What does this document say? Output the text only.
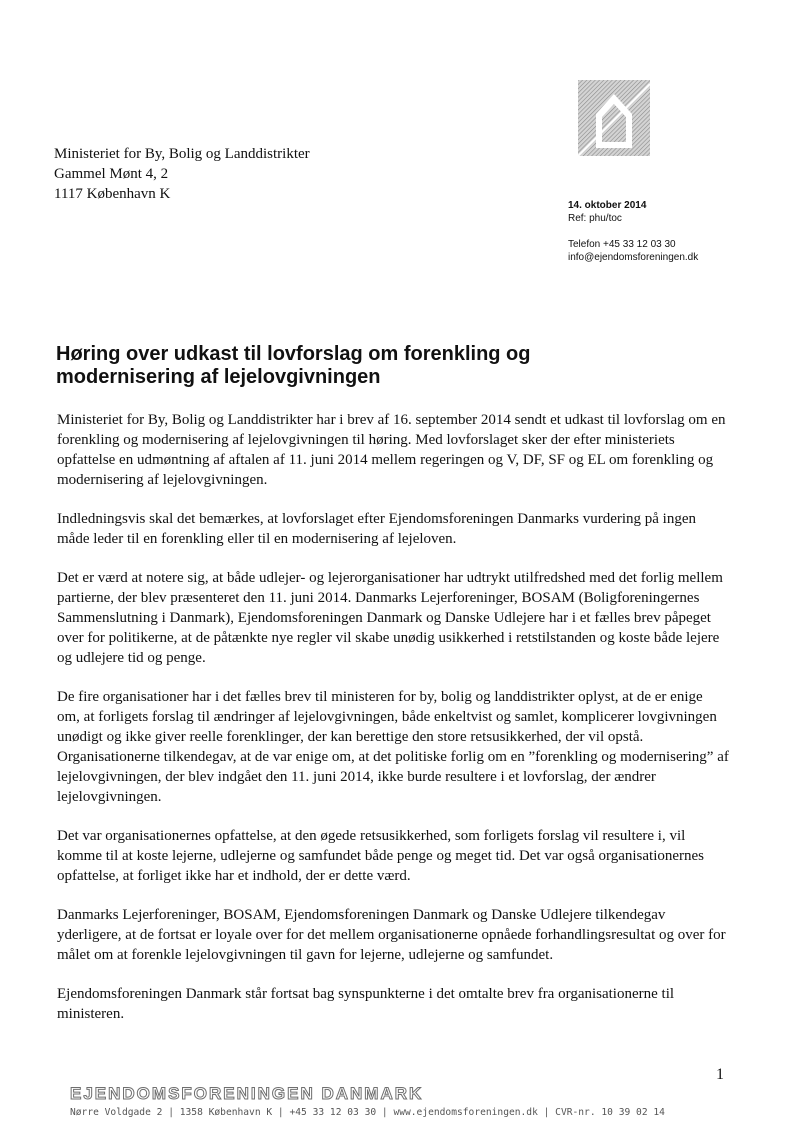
Ministeriet for By, Bolig og Landdistrikter
Gammel Mønt 4, 2
1117 København K
14. oktober 2014
Ref: phu/toc
Telefon +45 33 12 03 30
info@ejendomsforeningen.dk
Høring over udkast til lovforslag om forenkling og modernisering af lejelovgivningen

Ministeriet for By, Bolig og Landdistrikter har i brev af 16. september 2014 sendt et udkast til lovforslag om en forenkling og modernisering af lejelovgivningen til høring. Med lovforslaget sker der efter ministeriets opfattelse en udmøntning af aftalen af 11. juni 2014 mellem regeringen og V, DF, SF og EL om forenkling og modernisering af lejelovgivningen.

Indledningsvis skal det bemærkes, at lovforslaget efter Ejendomsforeningen Danmarks vurdering på ingen måde leder til en forenkling eller til en modernisering af lejeloven.

Det er værd at notere sig, at både udlejer- og lejerorganisationer har udtrykt utilfredshed med det forlig mellem partierne, der blev præsenteret den 11. juni 2014. Danmarks Lejerforeninger, BOSAM (Boligforeningernes Sammenslutning i Danmark), Ejendomsforeningen Danmark og Danske Udlejere har i et fælles brev påpeget over for politikerne, at de påtænkte nye regler vil skabe unødig usikkerhed i retstilstanden og koste både lejere og udlejere tid og penge.

De fire organisationer har i det fælles brev til ministeren for by, bolig og landdistrikter oplyst, at de er enige om, at forligets forslag til ændringer af lejelovgivningen, både enkeltvist og samlet, komplicerer lovgivningen unødigt og ikke giver reelle forenklinger, der kan berettige den store retsusikkerhed, der vil opstå. Organisationerne tilkendegav, at de var enige om, at det politiske forlig om en ”forenkling og modernisering” af lejelovgivningen, der blev indgået den 11. juni 2014, ikke burde resultere i et lovforslag, der ændrer lejelovgivningen.

Det var organisationernes opfattelse, at den øgede retsusikkerhed, som forligets forslag vil resultere i, vil komme til at koste lejerne, udlejerne og samfundet både penge og meget tid. Det var også organisationernes opfattelse, at forliget ikke har et indhold, der er dette værd.

Danmarks Lejerforeninger, BOSAM, Ejendomsforeningen Danmark og Danske Udlejere tilkendegav yderligere, at de fortsat er loyale over for det mellem organisationerne opnåede forhandlingsresultat og over for målet om at forenkle lejelovgivningen til gavn for lejerne, udlejerne og samfundet.

Ejendomsforeningen Danmark står fortsat bag synspunkterne i det omtalte brev fra organisationerne til ministeren.

1
EJENDOMSFORENINGEN DANMARK
Nørre Voldgade 2 | 1358 København K | +45 33 12 03 30 | www.ejendomsforeningen.dk | CVR-nr. 10 39 02 14
